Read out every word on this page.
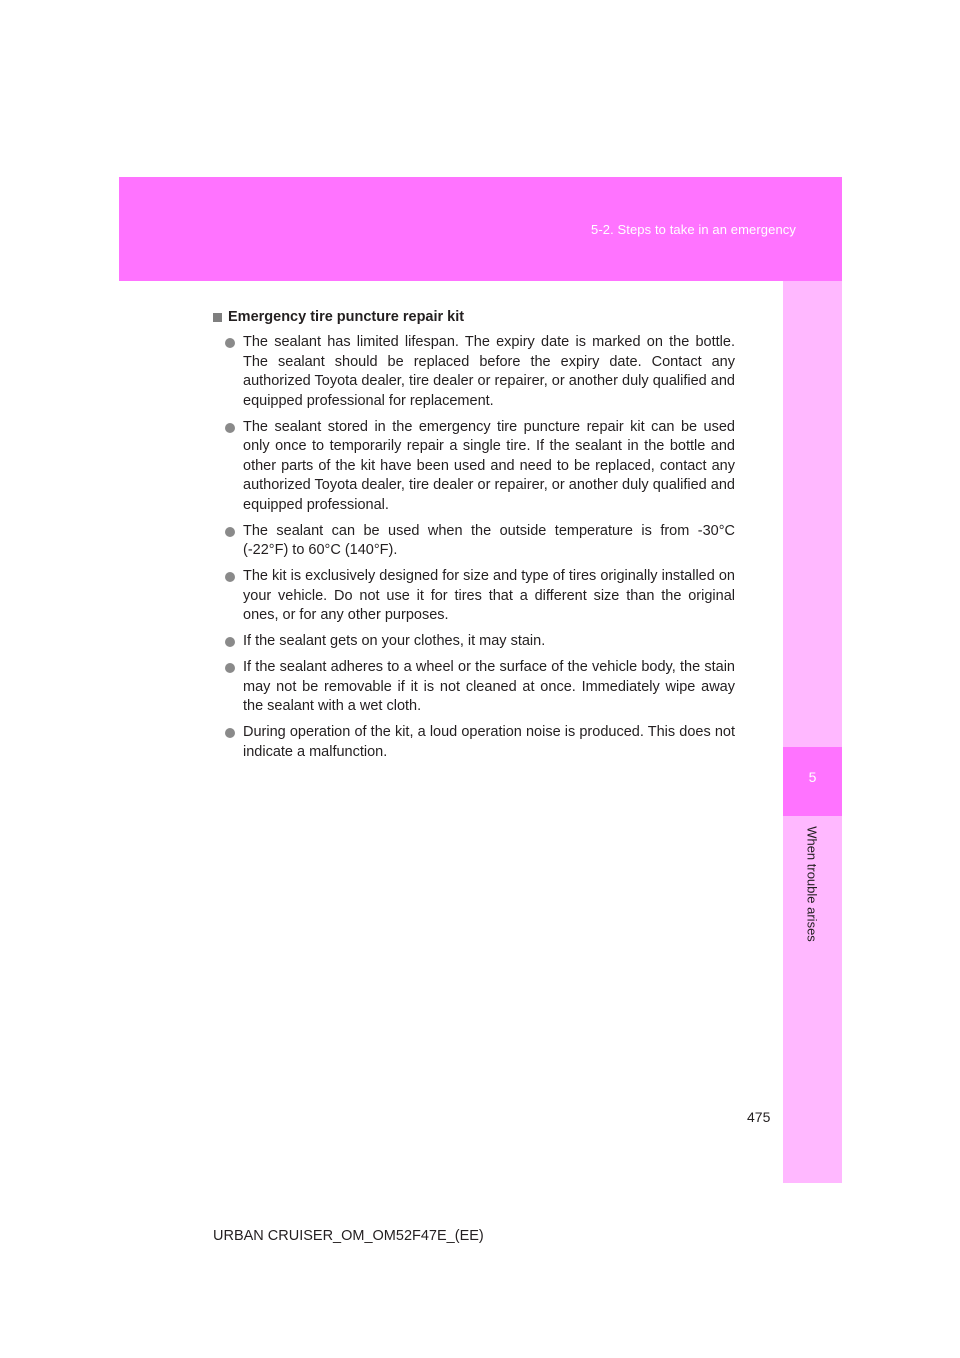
5-2. Steps to take in an emergency
5
When trouble arises
Emergency tire puncture repair kit
The sealant has limited lifespan. The expiry date is marked on the bottle. The sealant should be replaced before the expiry date. Contact any authorized Toyota dealer, tire dealer or repairer, or another duly qualified and equipped professional for replacement.
The sealant stored in the emergency tire puncture repair kit can be used only once to temporarily repair a single tire. If the sealant in the bottle and other parts of the kit have been used and need to be replaced, contact any authorized Toyota dealer, tire dealer or repairer, or another duly qualified and equipped professional.
The sealant can be used when the outside temperature is from -30°C (-22°F) to 60°C (140°F).
The kit is exclusively designed for size and type of tires originally installed on your vehicle. Do not use it for tires that a different size than the original ones, or for any other purposes.
If the sealant gets on your clothes, it may stain.
If the sealant adheres to a wheel or the surface of the vehicle body, the stain may not be removable if it is not cleaned at once. Immediately wipe away the sealant with a wet cloth.
During operation of the kit, a loud operation noise is produced. This does not indicate a malfunction.
475
URBAN CRUISER_OM_OM52F47E_(EE)
